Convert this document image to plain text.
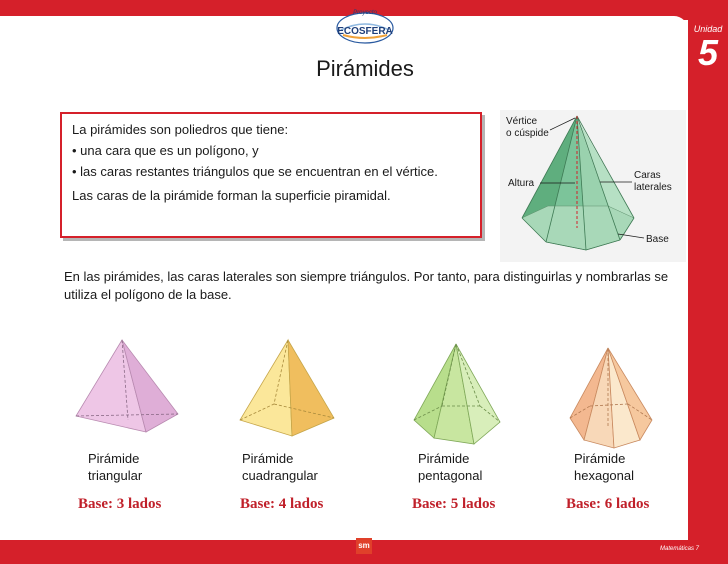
Proyecto
ECOSFERA	Unidad
5
Pirámides

La pirámides son poliedros que tiene:

• una cara que es un polígono, y

• las caras restantes triángulos que se encuentran en el vértice.

Las caras de la pirámide forman la superficie piramidal.

Vértice
o cúspide
Altura
Caras
laterales
Base
En las pirámides, las caras laterales son siempre triángulos. Por tanto, para distinguirlas y nombrarlas se utiliza el polígono de la base.
Pirámide
triangular
Pirámide
cuadrangular
Pirámide
pentagonal
Pirámide
hexagonal
Base: 3 lados	Base: 4 lados	Base: 5 lados	Base: 6 lados
sm	Matemáticas 7
